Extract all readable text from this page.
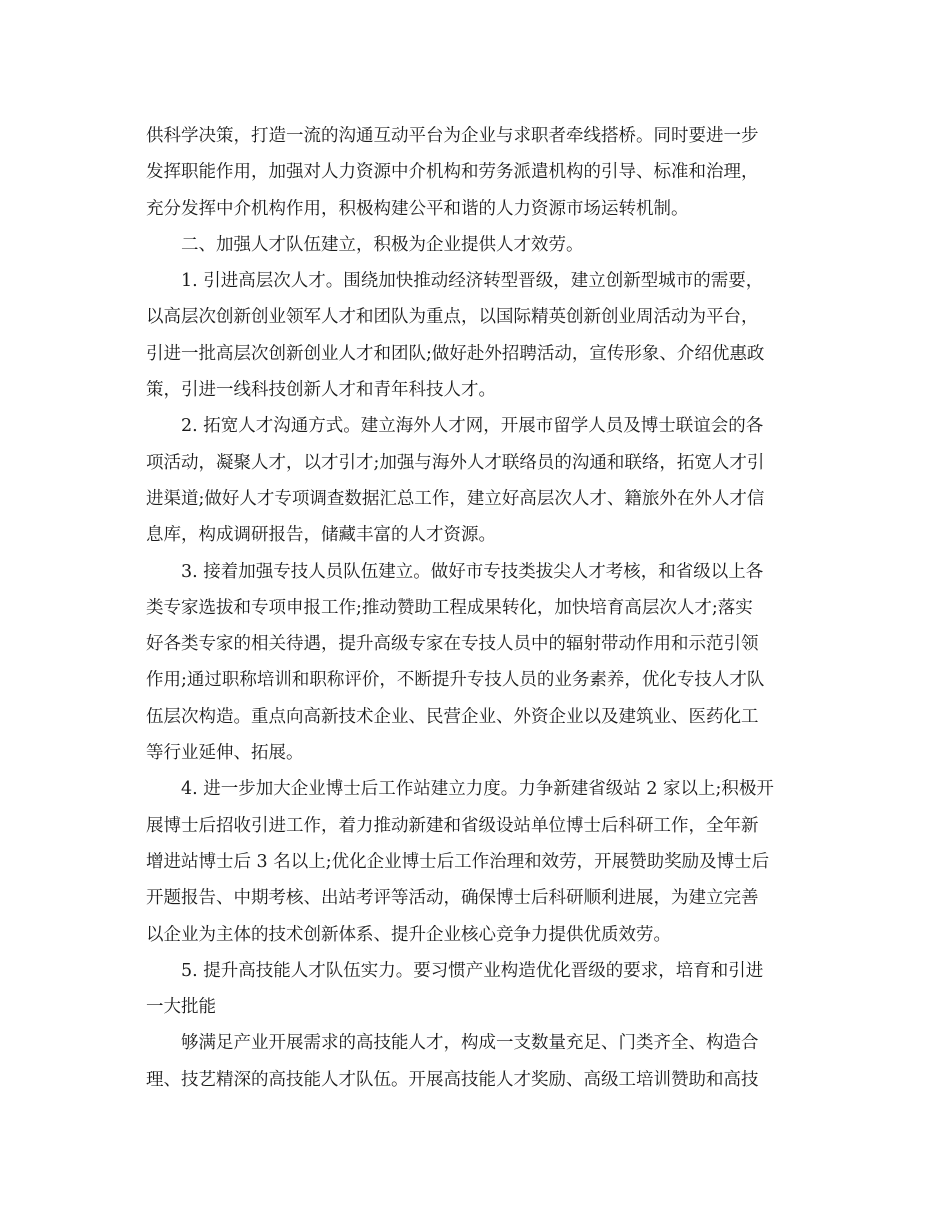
供科学决策，打造一流的沟通互动平台为企业与求职者牵线搭桥。同时要进一步
发挥职能作用，加强对人力资源中介机构和劳务派遣机构的引导、标准和治理，
充分发挥中介机构作用，积极构建公平和谐的人力资源市场运转机制。
二、加强人才队伍建立，积极为企业提供人才效劳。
1. 引进高层次人才。围绕加快推动经济转型晋级，建立创新型城市的需要，
以高层次创新创业领军人才和团队为重点，以国际精英创新创业周活动为平台，
引进一批高层次创新创业人才和团队;做好赴外招聘活动，宣传形象、介绍优惠政
策，引进一线科技创新人才和青年科技人才。
2. 拓宽人才沟通方式。建立海外人才网，开展市留学人员及博士联谊会的各
项活动，凝聚人才，以才引才;加强与海外人才联络员的沟通和联络，拓宽人才引
进渠道;做好人才专项调查数据汇总工作，建立好高层次人才、籍旅外在外人才信
息库，构成调研报告，储藏丰富的人才资源。
3. 接着加强专技人员队伍建立。做好市专技类拔尖人才考核，和省级以上各
类专家选拔和专项申报工作;推动赞助工程成果转化，加快培育高层次人才;落实
好各类专家的相关待遇，提升高级专家在专技人员中的辐射带动作用和示范引领
作用;通过职称培训和职称评价，不断提升专技人员的业务素养，优化专技人才队
伍层次构造。重点向高新技术企业、民营企业、外资企业以及建筑业、医药化工
等行业延伸、拓展。
4. 进一步加大企业博士后工作站建立力度。力争新建省级站 2 家以上;积极开
展博士后招收引进工作，着力推动新建和省级设站单位博士后科研工作，全年新
增进站博士后 3 名以上;优化企业博士后工作治理和效劳，开展赞助奖励及博士后
开题报告、中期考核、出站考评等活动，确保博士后科研顺利进展，为建立完善
以企业为主体的技术创新体系、提升企业核心竞争力提供优质效劳。
5. 提升高技能人才队伍实力。要习惯产业构造优化晋级的要求，培育和引进
一大批能
够满足产业开展需求的高技能人才，构成一支数量充足、门类齐全、构造合
理、技艺精深的高技能人才队伍。开展高技能人才奖励、高级工培训赞助和高技
